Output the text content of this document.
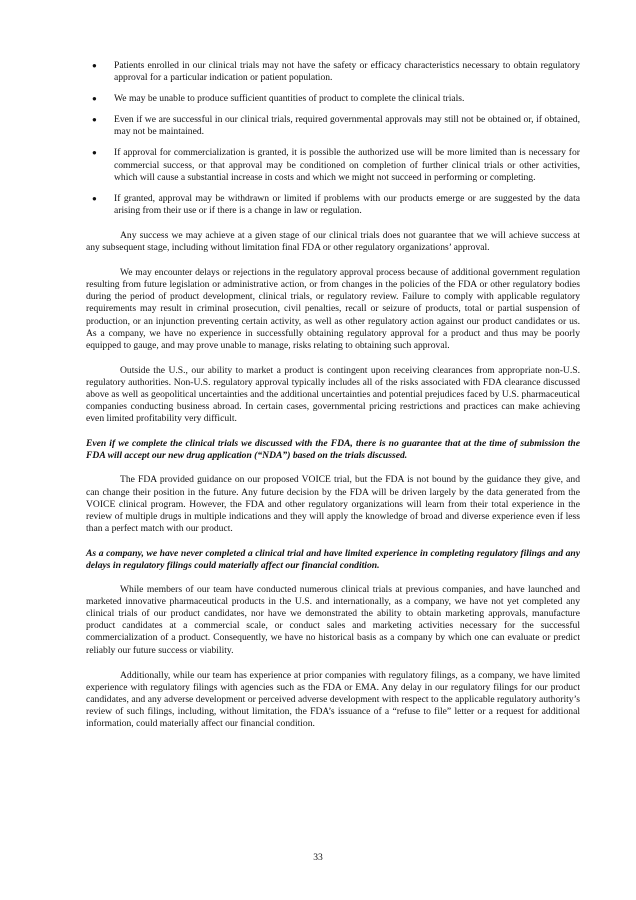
●	Patients enrolled in our clinical trials may not have the safety or efficacy characteristics necessary to obtain regulatory approval for a particular indication or patient population.
●	We may be unable to produce sufficient quantities of product to complete the clinical trials.
●	Even if we are successful in our clinical trials, required governmental approvals may still not be obtained or, if obtained, may not be maintained.
●	If approval for commercialization is granted, it is possible the authorized use will be more limited than is necessary for commercial success, or that approval may be conditioned on completion of further clinical trials or other activities, which will cause a substantial increase in costs and which we might not succeed in performing or completing.
●	If granted, approval may be withdrawn or limited if problems with our products emerge or are suggested by the data arising from their use or if there is a change in law or regulation.

Any success we may achieve at a given stage of our clinical trials does not guarantee that we will achieve success at any subsequent stage, including without limitation final FDA or other regulatory organizations’ approval.

We may encounter delays or rejections in the regulatory approval process because of additional government regulation resulting from future legislation or administrative action, or from changes in the policies of the FDA or other regulatory bodies during the period of product development, clinical trials, or regulatory review. Failure to comply with applicable regulatory requirements may result in criminal prosecution, civil penalties, recall or seizure of products, total or partial suspension of production, or an injunction preventing certain activity, as well as other regulatory action against our product candidates or us. As a company, we have no experience in successfully obtaining regulatory approval for a product and thus may be poorly equipped to gauge, and may prove unable to manage, risks relating to obtaining such approval.

Outside the U.S., our ability to market a product is contingent upon receiving clearances from appropriate non-U.S. regulatory authorities. Non-U.S. regulatory approval typically includes all of the risks associated with FDA clearance discussed above as well as geopolitical uncertainties and the additional uncertainties and potential prejudices faced by U.S. pharmaceutical companies conducting business abroad. In certain cases, governmental pricing restrictions and practices can make achieving even limited profitability very difficult.

Even if we complete the clinical trials we discussed with the FDA, there is no guarantee that at the time of submission the FDA will accept our new drug application (“NDA”) based on the trials discussed.

The FDA provided guidance on our proposed VOICE trial, but the FDA is not bound by the guidance they give, and can change their position in the future. Any future decision by the FDA will be driven largely by the data generated from the VOICE clinical program. However, the FDA and other regulatory organizations will learn from their total experience in the review of multiple drugs in multiple indications and they will apply the knowledge of broad and diverse experience even if less than a perfect match with our product.

As a company, we have never completed a clinical trial and have limited experience in completing regulatory filings and any delays in regulatory filings could materially affect our financial condition.

While members of our team have conducted numerous clinical trials at previous companies, and have launched and marketed innovative pharmaceutical products in the U.S. and internationally, as a company, we have not yet completed any clinical trials of our product candidates, nor have we demonstrated the ability to obtain marketing approvals, manufacture product candidates at a commercial scale, or conduct sales and marketing activities necessary for the successful commercialization of a product. Consequently, we have no historical basis as a company by which one can evaluate or predict reliably our future success or viability.

Additionally, while our team has experience at prior companies with regulatory filings, as a company, we have limited experience with regulatory filings with agencies such as the FDA or EMA. Any delay in our regulatory filings for our product candidates, and any adverse development or perceived adverse development with respect to the applicable regulatory authority’s review of such filings, including, without limitation, the FDA’s issuance of a “refuse to file” letter or a request for additional information, could materially affect our financial condition.

33
